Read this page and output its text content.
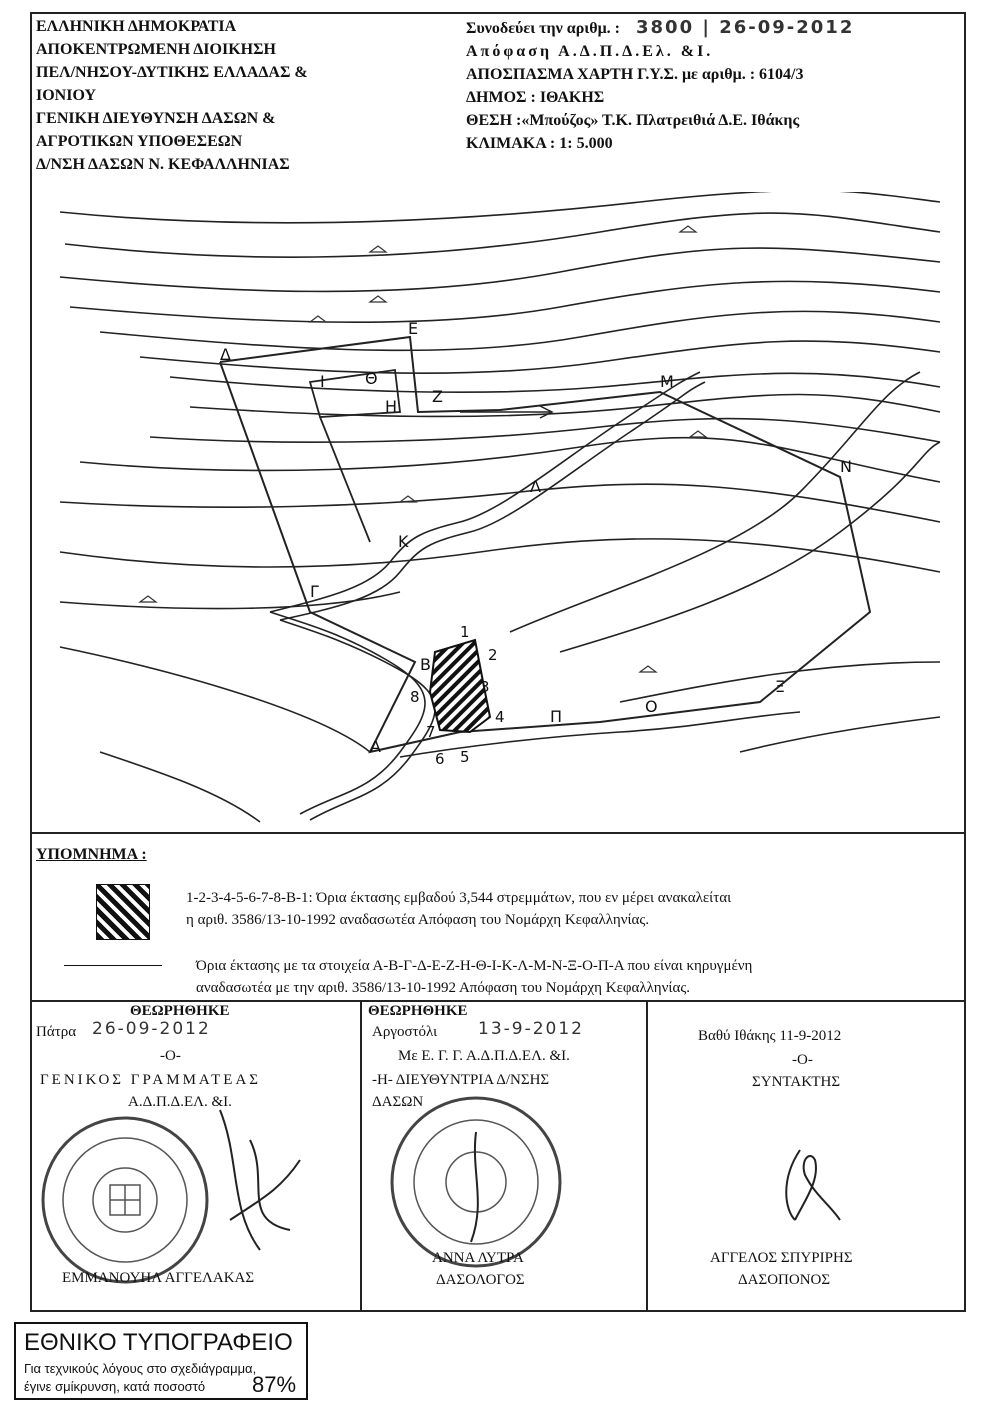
ΕΛΛΗΝΙΚΗ ΔΗΜΟΚΡΑΤΙΑ
ΑΠΟΚΕΝΤΡΩΜΕΝΗ ΔΙΟΙΚΗΣΗ
ΠΕΛ/ΝΗΣΟΥ-ΔΥΤΙΚΗΣ ΕΛΛΑΔΑΣ &
ΙΟΝΙΟΥ
ΓΕΝΙΚΗ ΔΙΕΥΘΥΝΣΗ ΔΑΣΩΝ &
ΑΓΡΟΤΙΚΩΝ ΥΠΟΘΕΣΕΩΝ
Δ/ΝΣΗ ΔΑΣΩΝ Ν. ΚΕΦΑΛΛΗΝΙΑΣ
Συνοδεύει την αριθμ. : 3800 | 26-09-2012
Απόφαση Α.Δ.Π.Δ.Ελ. &Ι.
ΑΠΟΣΠΑΣΜΑ ΧΑΡΤΗ Γ.Υ.Σ. με αριθμ. : 6104/3
ΔΗΜΟΣ : ΙΘΑΚΗΣ
ΘΕΣΗ :«Μπούζος» Τ.Κ. Πλατρειθιά Δ.Ε. Ιθάκης
ΚΛΙΜΑΚΑ : 1: 5.000
Α
Β
Γ
Δ
Ε
Ζ
Η
Θ
Ι
Κ
Λ
Μ
Ν
Ξ
Ο
Π
1
2
3
4
5
6
7
8
ΥΠΟΜΝΗΜΑ :
1-2-3-4-5-6-7-8-Β-1: Όρια έκτασης εμβαδού 3,544 στρεμμάτων, που εν μέρει ανακαλείται
η αριθ. 3586/13-10-1992 αναδασωτέα Απόφαση του Νομάρχη Κεφαλληνίας.
Όρια έκτασης με τα στοιχεία Α-Β-Γ-Δ-Ε-Ζ-Η-Θ-Ι-Κ-Λ-Μ-Ν-Ξ-Ο-Π-Α που είναι κηρυγμένη
αναδασωτέα με την αριθ. 3586/13-10-1992 Απόφαση του Νομάρχη Κεφαλληνίας.
ΘΕΩΡΗΘΗΚΕ
Πάτρα 26-09-2012
-Ο-
ΓΕΝΙΚΟΣ ΓΡΑΜΜΑΤΕΑΣ
Α.Δ.Π.Δ.ΕΛ. &Ι.
ΕΜΜΑΝΟΥΗΛ ΑΓΓΕΛΑΚΑΣ
ΘΕΩΡΗΘΗΚΕ
Αργοστόλι 13-9-2012
Με Ε. Γ. Γ. Α.Δ.Π.Δ.ΕΛ. &Ι.
-Η- ΔΙΕΥΘΥΝΤΡΙΑ Δ/ΝΣΗΣ
ΔΑΣΩΝ
ΑΝΝΑ ΛΥΤΡΑ
ΔΑΣΟΛΟΓΟΣ
Βαθύ Ιθάκης 11-9-2012
-Ο-
ΣΥΝΤΑΚΤΗΣ
ΑΓΓΕΛΟΣ ΣΠΥΡΙΡΗΣ
ΔΑΣΟΠΟΝΟΣ
ΕΘΝΙΚΟ ΤΥΠΟΓΡΑΦΕΙΟ
Για τεχνικούς λόγους στο σχεδιάγραμμα,
έγινε σμίκρυνση, κατά ποσοστό 87%
